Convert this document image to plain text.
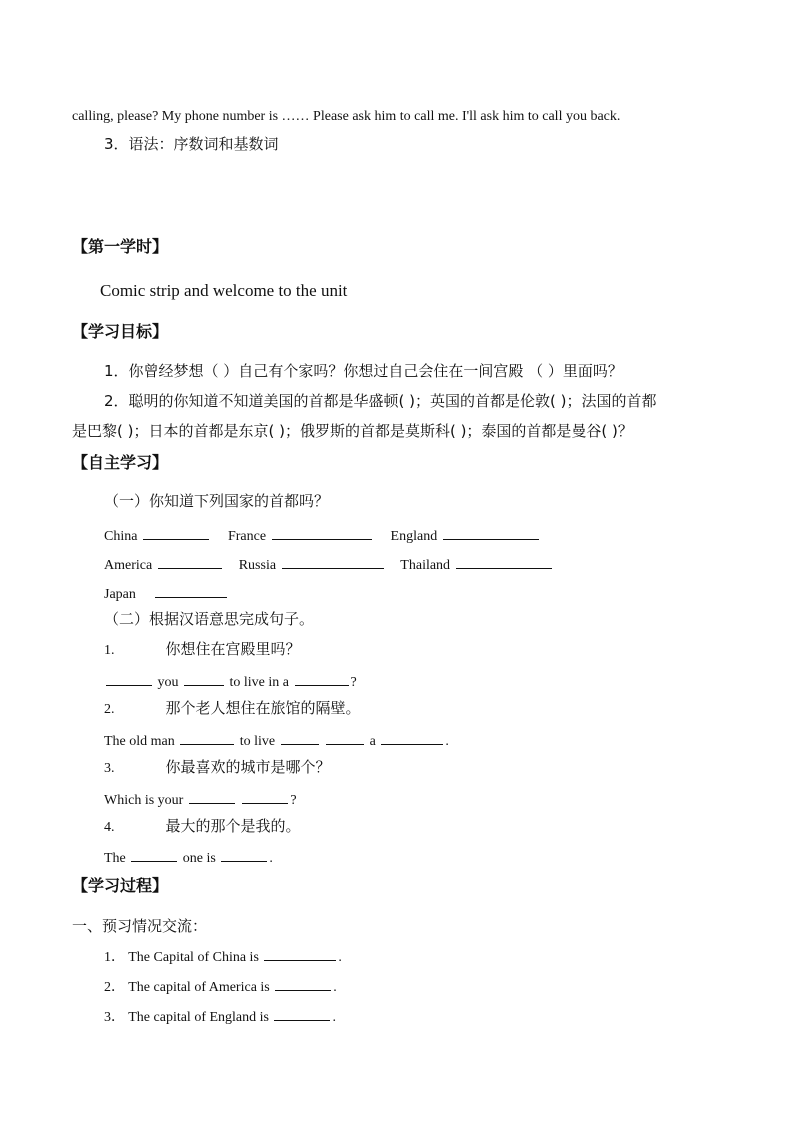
calling, please? My phone number is …… Please ask him to call me. I'll ask him to call you back.
3．语法：序数词和基数词
【第一学时】
Comic strip and welcome to the unit
【学习目标】
1．你曾经梦想（ ）自己有个家吗？你想过自己会住在一间宫殿 （ ）里面吗？
2．聪明的你知道不知道美国的首都是华盛顿( )；英国的首都是伦敦( )；法国的首都
是巴黎( )；日本的首都是东京( )；俄罗斯的首都是莫斯科( )；泰国的首都是曼谷( )？
【自主学习】
（一）你知道下列国家的首都吗？
China	France	England
America	Russia	Thailand
Japan
（二）根据汉语意思完成句子。
1.	你想住在宫殿里吗？
you	to live in a	?
2.	那个老人想住在旅馆的隔壁。
The old man	to live	a	.
3.	你最喜欢的城市是哪个？
Which is your	?
4.	最大的那个是我的。
The	one is	.
【学习过程】
一、预习情况交流：
1． The Capital of China is	.
2． The capital of America is	.
3． The capital of England is	.
